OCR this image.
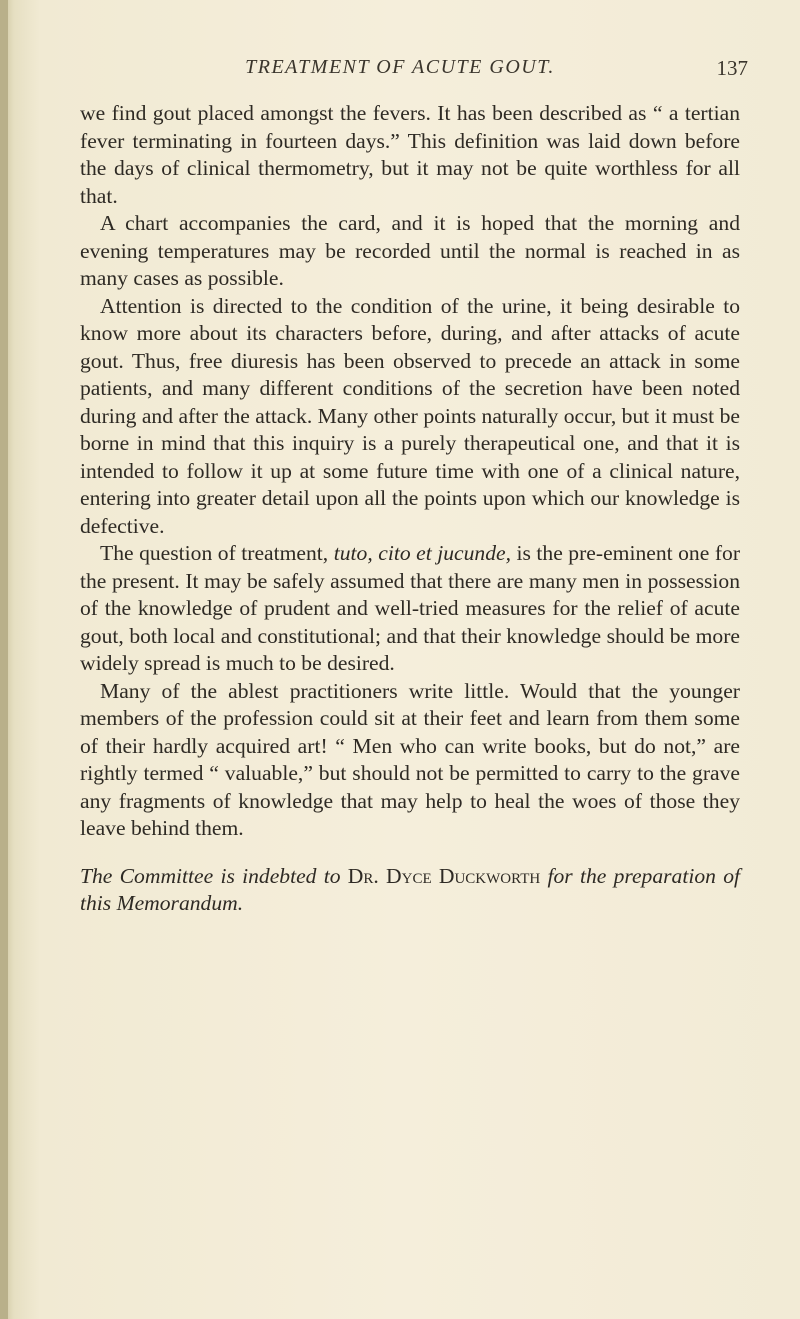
TREATMENT OF ACUTE GOUT.	137

we find gout placed amongst the fevers. It has been described as “ a tertian fever terminating in fourteen days.” This definition was laid down before the days of clinical thermometry, but it may not be quite worthless for all that.

A chart accompanies the card, and it is hoped that the morning and evening temperatures may be recorded until the normal is reached in as many cases as possible.

Attention is directed to the condition of the urine, it being desirable to know more about its characters before, during, and after attacks of acute gout. Thus, free diuresis has been observed to precede an attack in some patients, and many different conditions of the secretion have been noted during and after the attack. Many other points naturally occur, but it must be borne in mind that this inquiry is a purely therapeutical one, and that it is intended to follow it up at some future time with one of a clinical nature, entering into greater detail upon all the points upon which our knowledge is defective.

The question of treatment, tuto, cito et jucunde, is the pre-eminent one for the present. It may be safely assumed that there are many men in possession of the knowledge of prudent and well-tried measures for the relief of acute gout, both local and constitutional; and that their knowledge should be more widely spread is much to be desired.

Many of the ablest practitioners write little. Would that the younger members of the profession could sit at their feet and learn from them some of their hardly acquired art! “ Men who can write books, but do not,” are rightly termed “ valuable,” but should not be permitted to carry to the grave any fragments of knowledge that may help to heal the woes of those they leave behind them.

The Committee is indebted to Dr. Dyce Duckworth for the preparation of this Memorandum.
